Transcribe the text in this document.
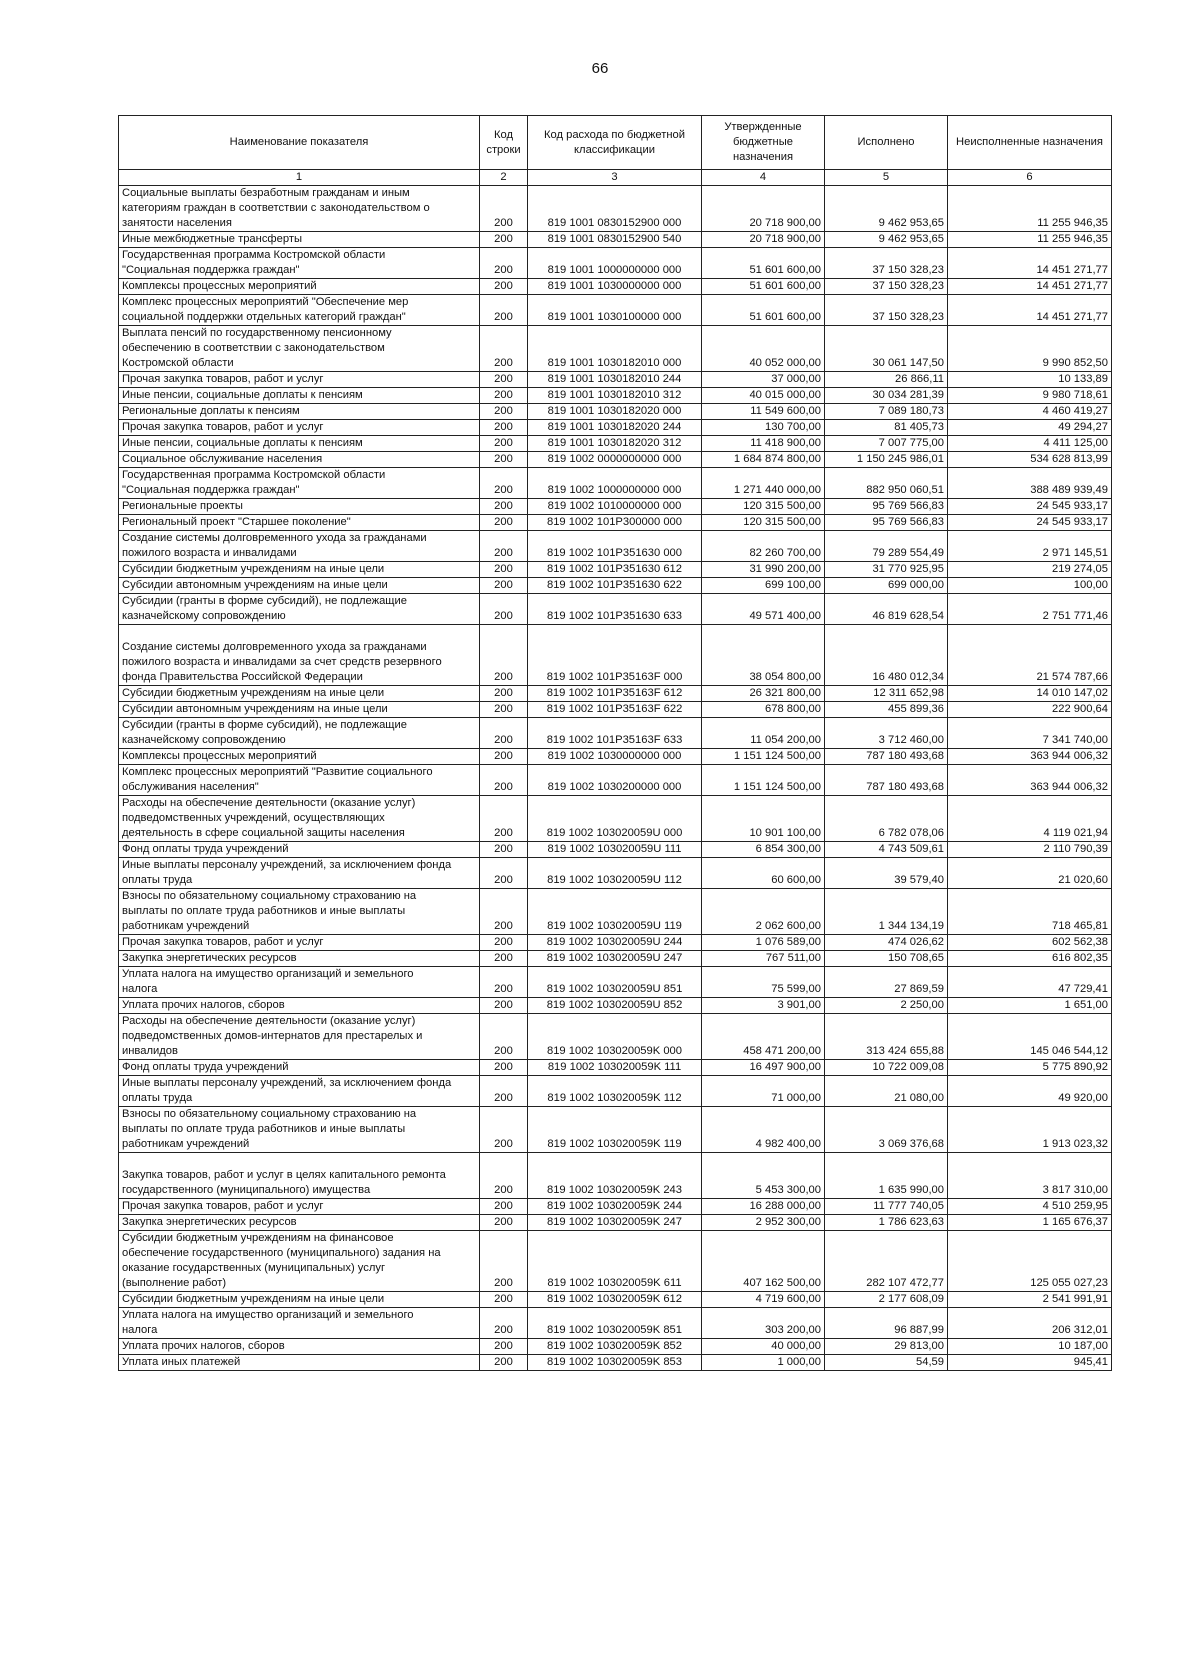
66
Наименование показателя	Код строки	Код расхода по бюджетной классификации	Утвержденные бюджетные назначения	Исполнено	Неисполненные назначения
1	2	3	4	5	6
Социальные выплаты безработным гражданам и иным
категориям граждан в соответствии с законодательством о
занятости населения	200	819 1001 0830152900 000	20 718 900,00	9 462 953,65	11 255 946,35
Иные межбюджетные трансферты	200	819 1001 0830152900 540	20 718 900,00	9 462 953,65	11 255 946,35
Государственная программа Костромской области
"Социальная поддержка граждан"	200	819 1001 1000000000 000	51 601 600,00	37 150 328,23	14 451 271,77
Комплексы процессных мероприятий	200	819 1001 1030000000 000	51 601 600,00	37 150 328,23	14 451 271,77
Комплекс процессных мероприятий "Обеспечение мер
социальной поддержки отдельных категорий граждан"	200	819 1001 1030100000 000	51 601 600,00	37 150 328,23	14 451 271,77
Выплата пенсий по государственному пенсионному
обеспечению в соответствии с законодательством
Костромской области	200	819 1001 1030182010 000	40 052 000,00	30 061 147,50	9 990 852,50
Прочая закупка товаров, работ и услуг	200	819 1001 1030182010 244	37 000,00	26 866,11	10 133,89
Иные пенсии, социальные доплаты к пенсиям	200	819 1001 1030182010 312	40 015 000,00	30 034 281,39	9 980 718,61
Региональные доплаты к пенсиям	200	819 1001 1030182020 000	11 549 600,00	7 089 180,73	4 460 419,27
Прочая закупка товаров, работ и услуг	200	819 1001 1030182020 244	130 700,00	81 405,73	49 294,27
Иные пенсии, социальные доплаты к пенсиям	200	819 1001 1030182020 312	11 418 900,00	7 007 775,00	4 411 125,00
Социальное обслуживание населения	200	819 1002 0000000000 000	1 684 874 800,00	1 150 245 986,01	534 628 813,99
Государственная программа Костромской области
"Социальная поддержка граждан"	200	819 1002 1000000000 000	1 271 440 000,00	882 950 060,51	388 489 939,49
Региональные проекты	200	819 1002 1010000000 000	120 315 500,00	95 769 566,83	24 545 933,17
Региональный проект "Старшее поколение"	200	819 1002 101P300000 000	120 315 500,00	95 769 566,83	24 545 933,17
Создание системы долговременного ухода за гражданами
пожилого возраста и инвалидами	200	819 1002 101P351630 000	82 260 700,00	79 289 554,49	2 971 145,51
Субсидии бюджетным учреждениям на иные цели	200	819 1002 101P351630 612	31 990 200,00	31 770 925,95	219 274,05
Субсидии автономным учреждениям на иные цели	200	819 1002 101P351630 622	699 100,00	699 000,00	100,00
Субсидии (гранты в форме субсидий), не подлежащие
казначейскому сопровождению	200	819 1002 101P351630 633	49 571 400,00	46 819 628,54	2 751 771,46

Создание системы долговременного ухода за гражданами
пожилого возраста и инвалидами за счет средств резервного
фонда Правительства Российской Федерации	200	819 1002 101P35163F 000	38 054 800,00	16 480 012,34	21 574 787,66
Субсидии бюджетным учреждениям на иные цели	200	819 1002 101P35163F 612	26 321 800,00	12 311 652,98	14 010 147,02
Субсидии автономным учреждениям на иные цели	200	819 1002 101P35163F 622	678 800,00	455 899,36	222 900,64
Субсидии (гранты в форме субсидий), не подлежащие
казначейскому сопровождению	200	819 1002 101P35163F 633	11 054 200,00	3 712 460,00	7 341 740,00
Комплексы процессных мероприятий	200	819 1002 1030000000 000	1 151 124 500,00	787 180 493,68	363 944 006,32
Комплекс процессных мероприятий "Развитие социального
обслуживания населения"	200	819 1002 1030200000 000	1 151 124 500,00	787 180 493,68	363 944 006,32
Расходы на обеспечение деятельности (оказание услуг)
подведомственных учреждений, осуществляющих
деятельность в сфере социальной защиты населения	200	819 1002 103020059U 000	10 901 100,00	6 782 078,06	4 119 021,94
Фонд оплаты труда учреждений	200	819 1002 103020059U 111	6 854 300,00	4 743 509,61	2 110 790,39
Иные выплаты персоналу учреждений, за исключением фонда
оплаты труда	200	819 1002 103020059U 112	60 600,00	39 579,40	21 020,60
Взносы по обязательному социальному страхованию на
выплаты по оплате труда работников и иные выплаты
работникам учреждений	200	819 1002 103020059U 119	2 062 600,00	1 344 134,19	718 465,81
Прочая закупка товаров, работ и услуг	200	819 1002 103020059U 244	1 076 589,00	474 026,62	602 562,38
Закупка энергетических ресурсов	200	819 1002 103020059U 247	767 511,00	150 708,65	616 802,35
Уплата налога на имущество организаций и земельного
налога	200	819 1002 103020059U 851	75 599,00	27 869,59	47 729,41
Уплата прочих налогов, сборов	200	819 1002 103020059U 852	3 901,00	2 250,00	1 651,00
Расходы на обеспечение деятельности (оказание услуг)
подведомственных домов-интернатов для престарелых и
инвалидов	200	819 1002 103020059K 000	458 471 200,00	313 424 655,88	145 046 544,12
Фонд оплаты труда учреждений	200	819 1002 103020059K 111	16 497 900,00	10 722 009,08	5 775 890,92
Иные выплаты персоналу учреждений, за исключением фонда
оплаты труда	200	819 1002 103020059K 112	71 000,00	21 080,00	49 920,00
Взносы по обязательному социальному страхованию на
выплаты по оплате труда работников и иные выплаты
работникам учреждений	200	819 1002 103020059K 119	4 982 400,00	3 069 376,68	1 913 023,32

Закупка товаров, работ и услуг в целях капитального ремонта
государственного (муниципального) имущества	200	819 1002 103020059K 243	5 453 300,00	1 635 990,00	3 817 310,00
Прочая закупка товаров, работ и услуг	200	819 1002 103020059K 244	16 288 000,00	11 777 740,05	4 510 259,95
Закупка энергетических ресурсов	200	819 1002 103020059K 247	2 952 300,00	1 786 623,63	1 165 676,37
Субсидии бюджетным учреждениям на финансовое
обеспечение государственного (муниципального) задания на
оказание государственных (муниципальных) услуг
(выполнение работ)	200	819 1002 103020059K 611	407 162 500,00	282 107 472,77	125 055 027,23
Субсидии бюджетным учреждениям на иные цели	200	819 1002 103020059K 612	4 719 600,00	2 177 608,09	2 541 991,91
Уплата налога на имущество организаций и земельного
налога	200	819 1002 103020059K 851	303 200,00	96 887,99	206 312,01
Уплата прочих налогов, сборов	200	819 1002 103020059K 852	40 000,00	29 813,00	10 187,00
Уплата иных платежей	200	819 1002 103020059K 853	1 000,00	54,59	945,41
